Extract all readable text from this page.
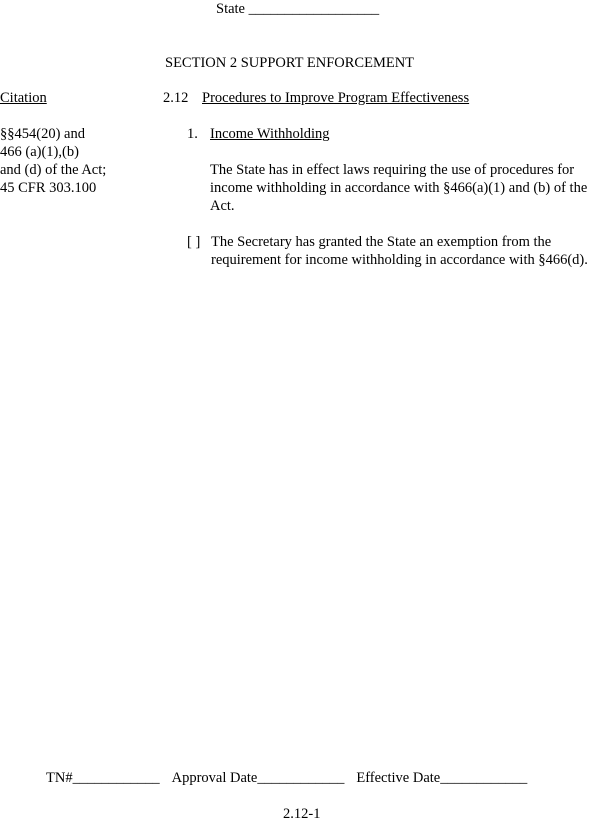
State __________________
SECTION 2 SUPPORT ENFORCEMENT
Citation	2.12 Procedures to Improve Program Effectiveness
§§454(20) and
466 (a)(1),(b)
and (d) of the Act;
45 CFR 303.100
1. Income Withholding
The State has in effect laws requiring the use of procedures for income withholding in accordance with §466(a)(1) and (b) of the Act.
[ ] The Secretary has granted the State an exemption from the requirement for income withholding in accordance with §466(d).
TN#____________ Approval Date____________ Effective Date____________
2.12-1
